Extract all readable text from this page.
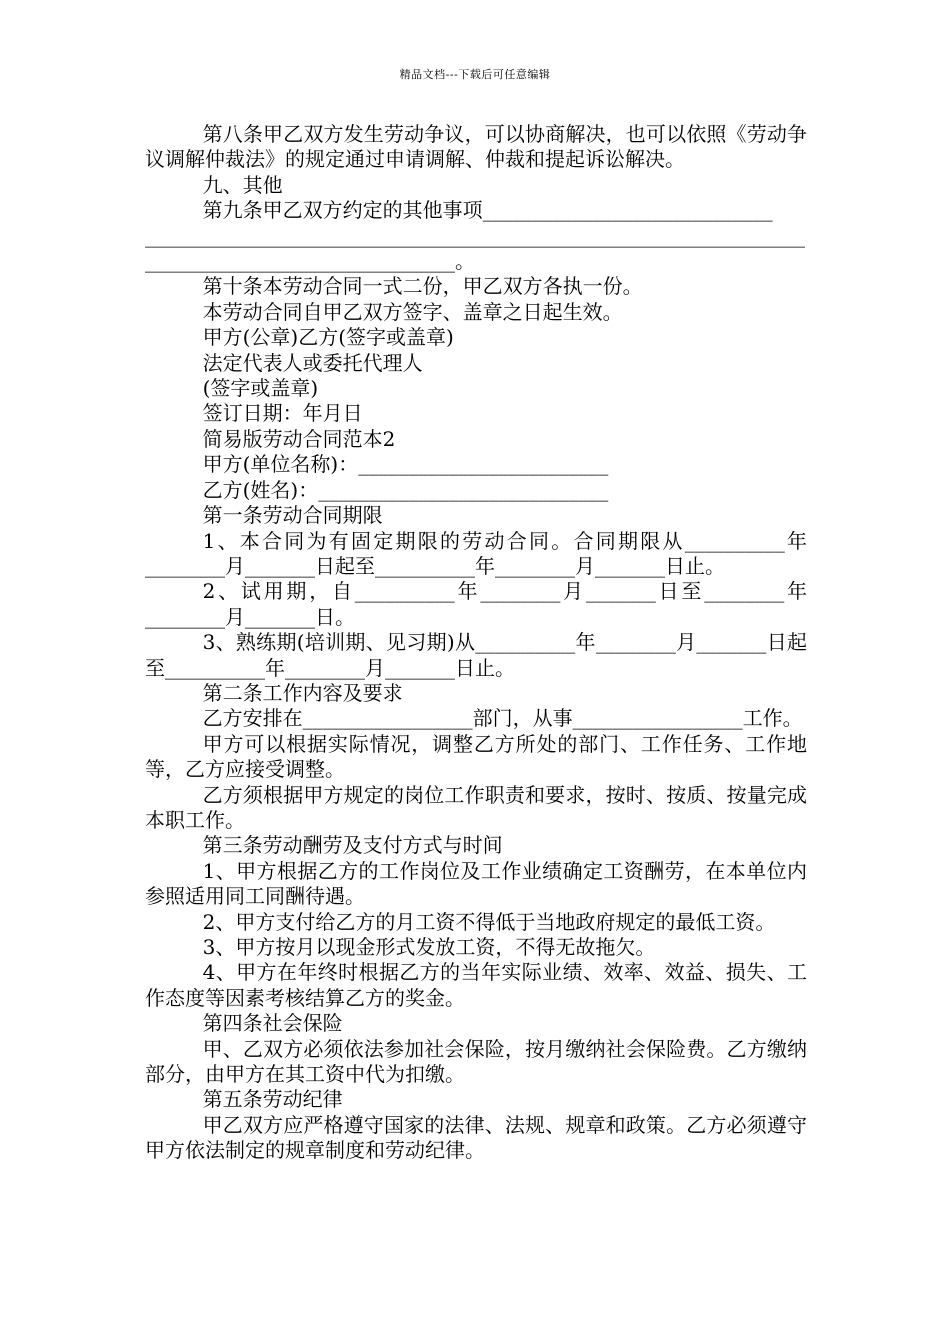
精品文档---下载后可任意编辑

第八条甲乙双方发生劳动争议，可以协商解决，也可以依照《劳动争议调解仲裁法》的规定通过申请调解、仲裁和提起诉讼解决。

九、其他

第九条甲乙双方约定的其他事项_____________________________

__________________________________________________________________

_______________________________。

第十条本劳动合同一式二份，甲乙双方各执一份。

本劳动合同自甲乙双方签字、盖章之日起生效。

甲方(公章)乙方(签字或盖章)

法定代表人或委托代理人

(签字或盖章)

签订日期：年月日

简易版劳动合同范本2

甲方(单位名称)：_________________________

乙方(姓名)：_____________________________

第一条劳动合同期限

1、本合同为有固定期限的劳动合同。合同期限从__________年________月_______日起至__________年________月_______日止。

2、试用期，自__________年________月_______日至________年________月_______日。

3、熟练期(培训期、见习期)从__________年________月_______日起至__________年________月_______日止。

第二条工作内容及要求

乙方安排在_________________部门，从事_________________工作。

甲方可以根据实际情况，调整乙方所处的部门、工作任务、工作地等，乙方应接受调整。

乙方须根据甲方规定的岗位工作职责和要求，按时、按质、按量完成本职工作。

第三条劳动酬劳及支付方式与时间

1、甲方根据乙方的工作岗位及工作业绩确定工资酬劳，在本单位内参照适用同工同酬待遇。

2、甲方支付给乙方的月工资不得低于当地政府规定的最低工资。

3、甲方按月以现金形式发放工资，不得无故拖欠。

4、甲方在年终时根据乙方的当年实际业绩、效率、效益、损失、工作态度等因素考核结算乙方的奖金。

第四条社会保险

甲、乙双方必须依法参加社会保险，按月缴纳社会保险费。乙方缴纳部分，由甲方在其工资中代为扣缴。

第五条劳动纪律

甲乙双方应严格遵守国家的法律、法规、规章和政策。乙方必须遵守甲方依法制定的规章制度和劳动纪律。
